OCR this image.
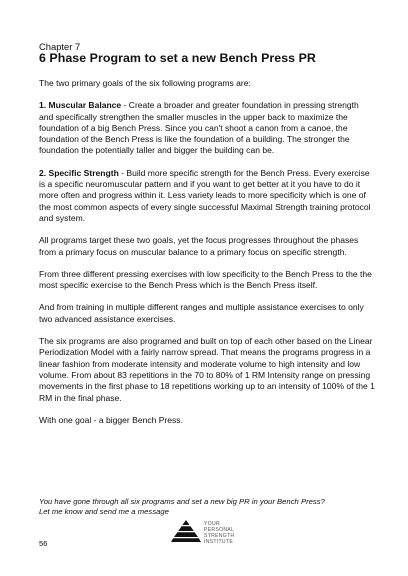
Chapter 7
6 Phase Program to set a new Bench Press PR

The two primary goals of the six following programs are:

1. Muscular Balance - Create a broader and greater foundation in pressing strength and specifically strengthen the smaller muscles in the upper back to maximize the foundation of a big Bench Press. Since you can't shoot a canon from a canoe, the foundation of the Bench Press is like the foundation of a building. The stronger the foundation the potentially taller and bigger the building can be.

2. Specific Strength - Build more specific strength for the Bench Press. Every exercise is a specific neuromuscular pattern and if you want to get better at it you have to do it more often and progress within it. Less variety leads to more specificity which is one of the most common aspects of every single successful Maximal Strength training protocol and system.

All programs target these two goals, yet the focus progresses throughout the phases from a primary focus on muscular balance to a primary focus on specific strength.

From three different pressing exercises with low specificity to the Bench Press to the the most specific exercise to the Bench Press which is the Bench Press itself.

And from training in multiple different ranges and multiple assistance exercises to only two advanced assistance exercises.

The six programs are also programed and built on top of each other based on the Linear Periodization Model with a fairly narrow spread. That means the programs progress in a linear fashion from moderate intensity and moderate volume to high intensity and low volume. From about 83 repetitions in the 70 to 80% of 1 RM Intensity range on pressing movements in the first phase to 18 repetitions working up to an intensity of 100% of the 1 RM in the final phase.

With one goal - a bigger Bench Press.

You have gone through all six programs and set a new big PR in your Bench Press?
Let me know and send me a message
YOUR
PERSONAL
STRENGTH
INSTITUTE
56
